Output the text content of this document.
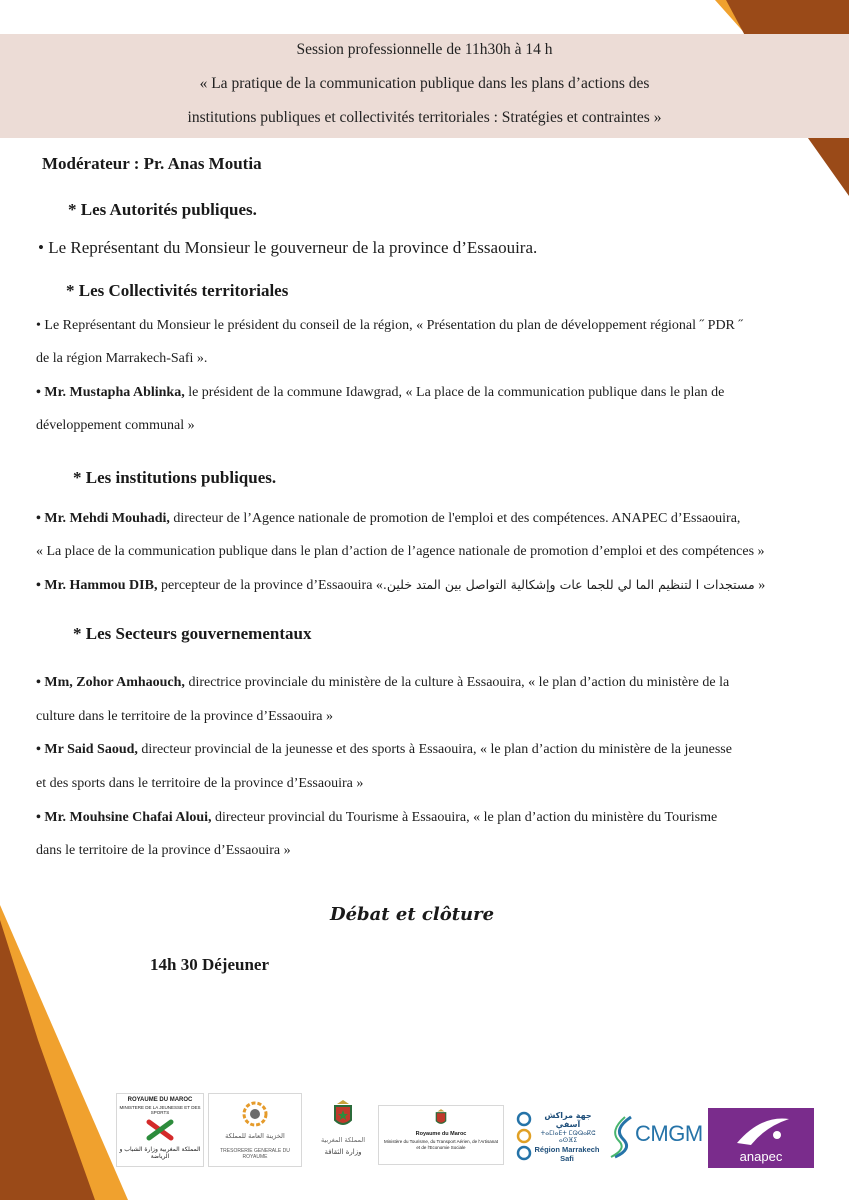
Session professionnelle de 11h30h à 14 h
« La pratique de la communication publique dans les plans d’actions des
institutions publiques et collectivités territoriales : Stratégies et contraintes »
Modérateur : Pr. Anas Moutia
* Les Autorités publiques.
• Le Représentant du Monsieur le gouverneur de la province d’Essaouira.
* Les Collectivités territoriales
• Le Représentant du Monsieur le président du conseil de la région, « Présentation du plan de développement régional ˝ PDR ˝
de la région Marrakech-Safi ».
• Mr. Mustapha Ablinka, le président de la commune Idawgrad, « La place de la communication publique dans le plan de
développement communal »
* Les institutions publiques.
• Mr. Mehdi Mouhadi, directeur de l’Agence nationale de promotion de l'emploi et des compétences. ANAPEC d’Essaouira,
« La place de la communication publique dans le plan d’action de l’agence nationale de promotion d’emploi et des compétences »
• Mr. Hammou DIB, percepteur de la province d’Essaouira «مستجدات ا لتنظيم الما لي للجما عات وإشكالية التواصل بين المتد خلين. »
* Les Secteurs gouvernementaux
• Mm, Zohor Amhaouch, directrice provinciale du ministère de la culture à Essaouira, « le plan d’action du ministère de la
culture dans le territoire de la province d’Essaouira »
• Mr Said Saoud, directeur provincial de la jeunesse et des sports à Essaouira, « le plan d’action du ministère de la jeunesse
et des sports dans le territoire de la province d’Essaouira »
• Mr. Mouhsine Chafai Aloui, directeur provincial du Tourisme à Essaouira, « le plan d’action du ministère du Tourisme
dans le territoire de la province d’Essaouira »
Débat et clôture
14h 30 Déjeuner
ROYAUME DU MAROC
MINISTERE DE LA JEUNESSE ET DES SPORTS
المملكة المغربية وزارة الشباب و الرياضة
الخزينة العامة للمملكة
TRESORERIE GENERALE DU ROYAUME
المملكة المغربية
وزارة الثقافة
Royaume du Maroc
Ministère du Tourisme, du Transport Aérien, de l'Artisanat et de l'Economie Sociale
جهة مراكش آسفي
ⵜⴰⵎⵏⴰⴹⵜ ⵎⵕⵕⴰⴽⵛ ⴰⵙⴼⵉ
Région Marrakech Safi
CMGM
anapec
